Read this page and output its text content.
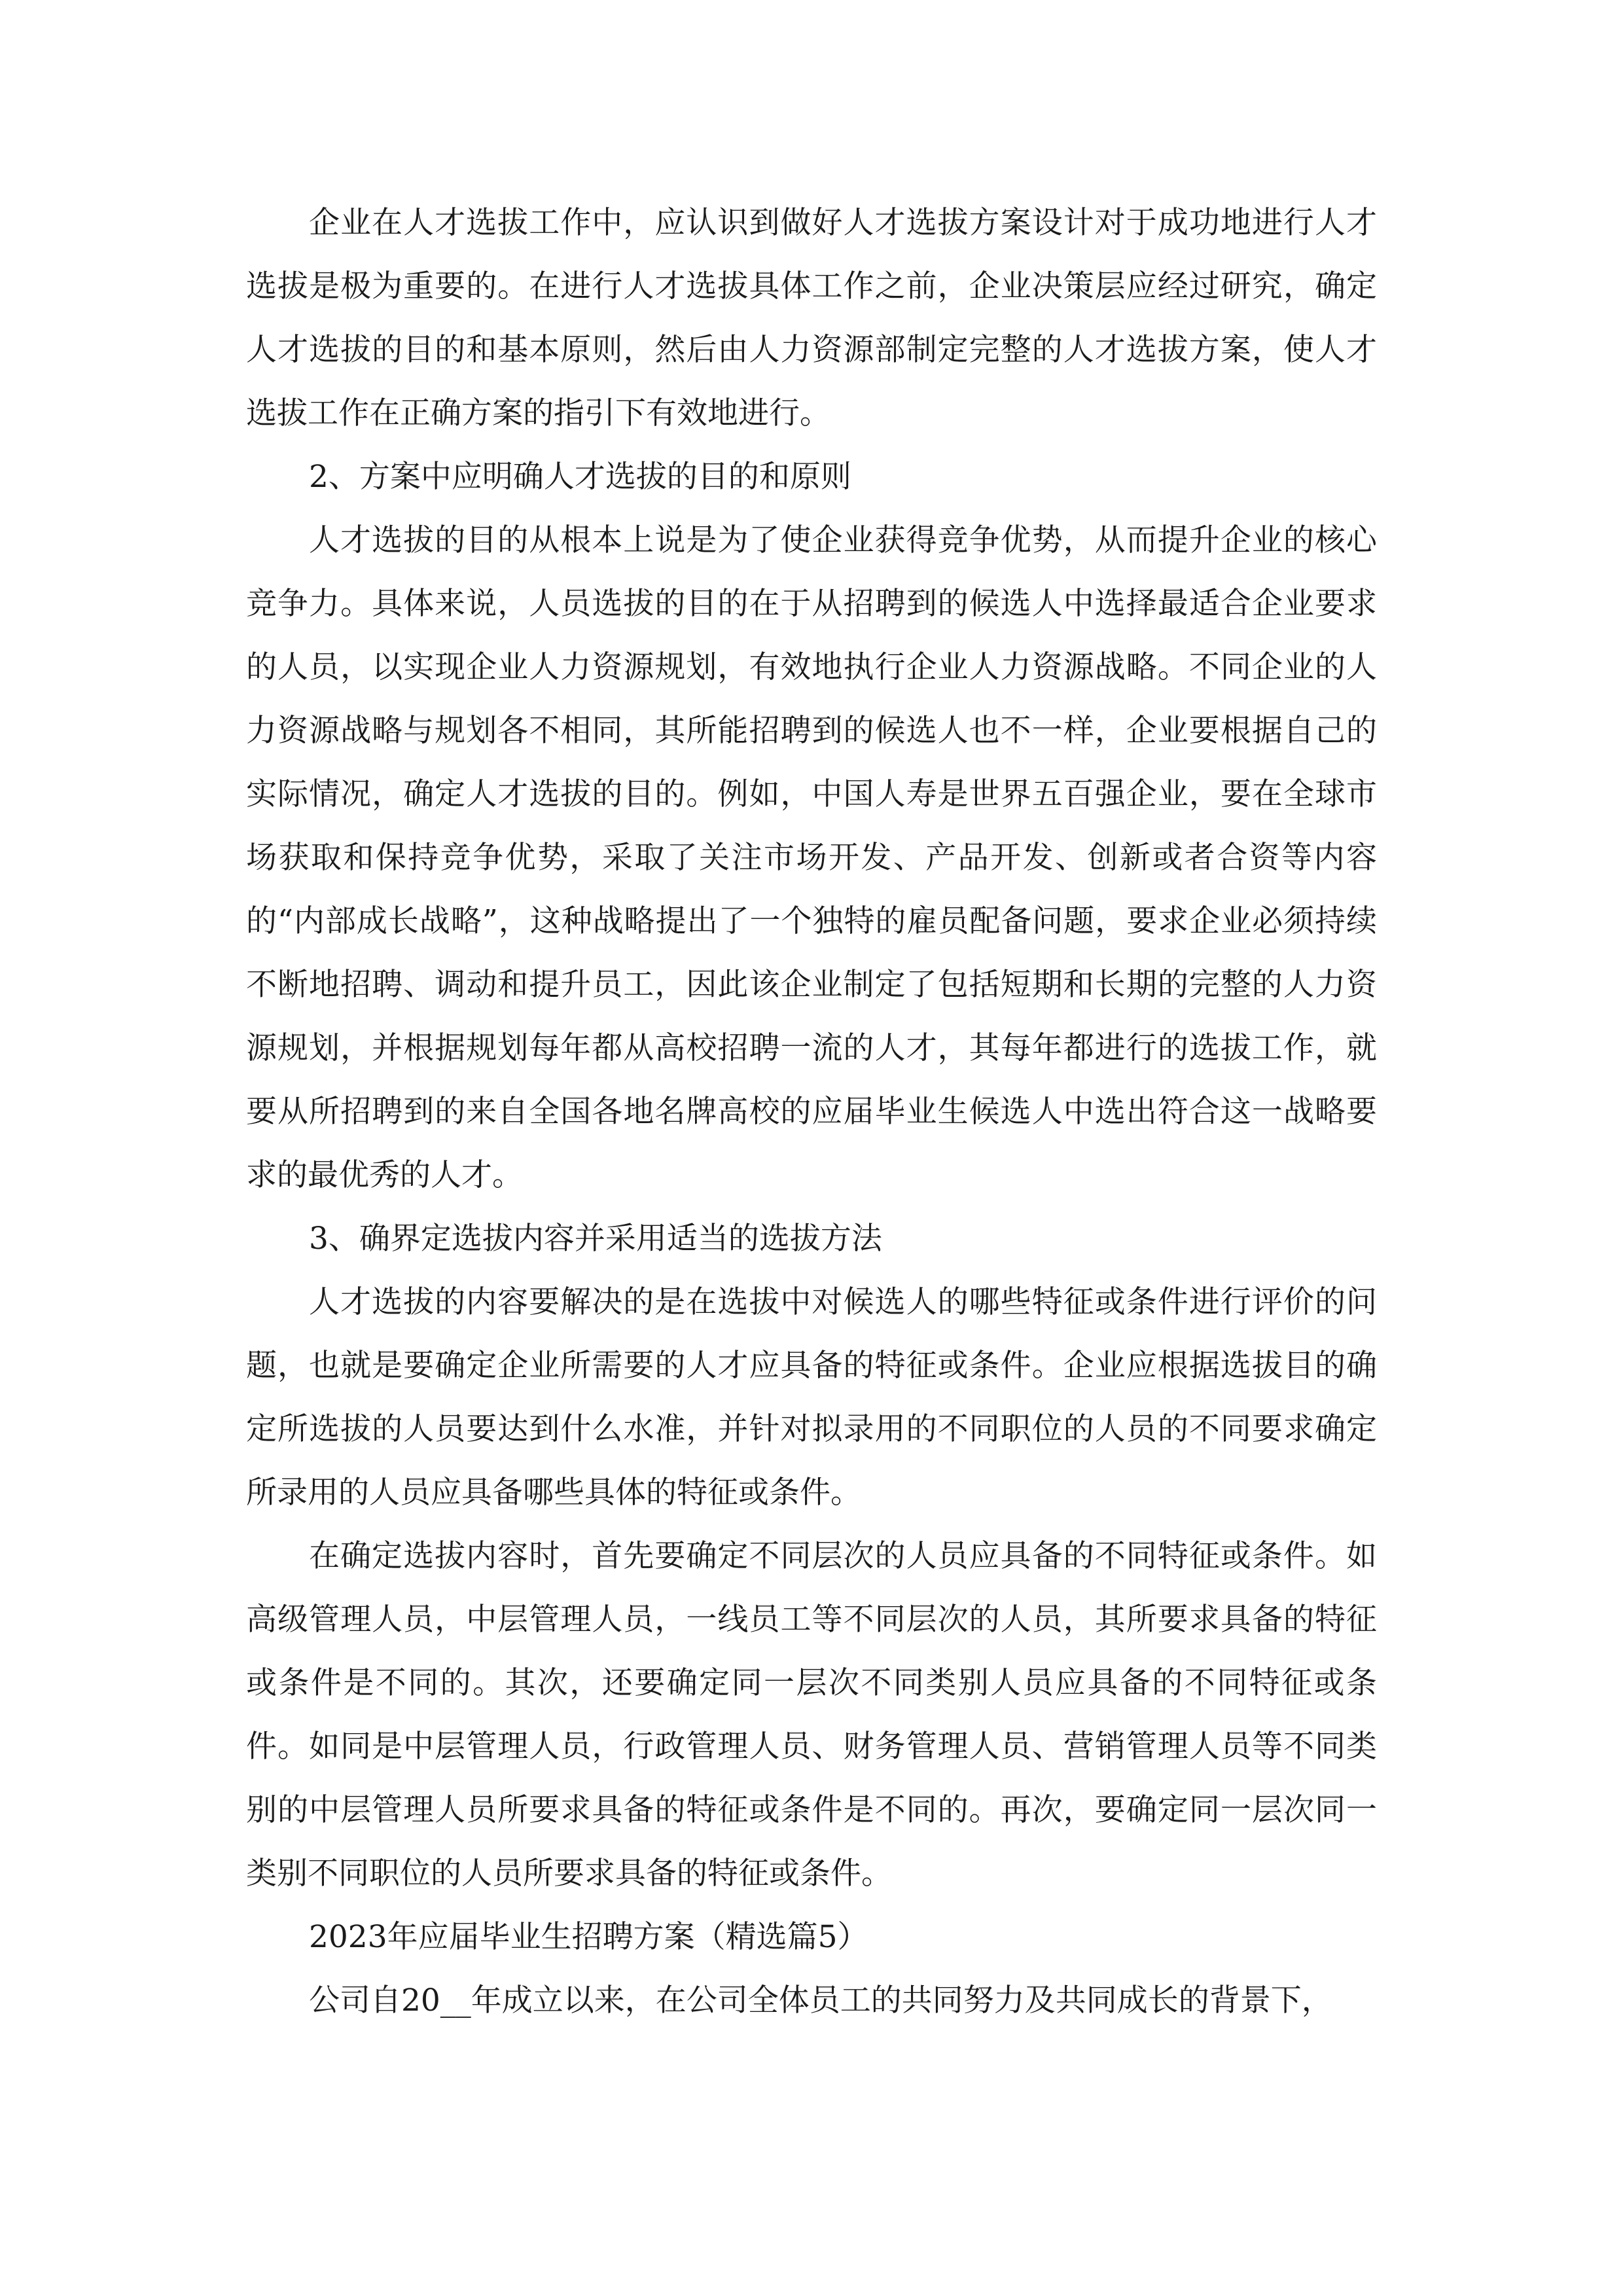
企业在人才选拔工作中，应认识到做好人才选拔方案设计对于成功地进行人才选拔是极为重要的。在进行人才选拔具体工作之前，企业决策层应经过研究，确定人才选拔的目的和基本原则，然后由人力资源部制定完整的人才选拔方案，使人才选拔工作在正确方案的指引下有效地进行。

2、方案中应明确人才选拔的目的和原则

人才选拔的目的从根本上说是为了使企业获得竞争优势，从而提升企业的核心竞争力。具体来说，人员选拔的目的在于从招聘到的候选人中选择最适合企业要求的人员，以实现企业人力资源规划，有效地执行企业人力资源战略。不同企业的人力资源战略与规划各不相同，其所能招聘到的候选人也不一样，企业要根据自己的实际情况，确定人才选拔的目的。例如，中国人寿是世界五百强企业，要在全球市场获取和保持竞争优势，采取了关注市场开发、产品开发、创新或者合资等内容的“内部成长战略”，这种战略提出了一个独特的雇员配备问题，要求企业必须持续不断地招聘、调动和提升员工，因此该企业制定了包括短期和长期的完整的人力资源规划，并根据规划每年都从高校招聘一流的人才，其每年都进行的选拔工作，就要从所招聘到的来自全国各地名牌高校的应届毕业生候选人中选出符合这一战略要求的最优秀的人才。

3、确界定选拔内容并采用适当的选拔方法

人才选拔的内容要解决的是在选拔中对候选人的哪些特征或条件进行评价的问题，也就是要确定企业所需要的人才应具备的特征或条件。企业应根据选拔目的确定所选拔的人员要达到什么水准，并针对拟录用的不同职位的人员的不同要求确定所录用的人员应具备哪些具体的特征或条件。

在确定选拔内容时，首先要确定不同层次的人员应具备的不同特征或条件。如高级管理人员，中层管理人员，一线员工等不同层次的人员，其所要求具备的特征或条件是不同的。其次，还要确定同一层次不同类别人员应具备的不同特征或条件。如同是中层管理人员，行政管理人员、财务管理人员、营销管理人员等不同类别的中层管理人员所要求具备的特征或条件是不同的。再次，要确定同一层次同一类别不同职位的人员所要求具备的特征或条件。

2023年应届毕业生招聘方案（精选篇5）

公司自20__年成立以来，在公司全体员工的共同努力及共同成长的背景下，
